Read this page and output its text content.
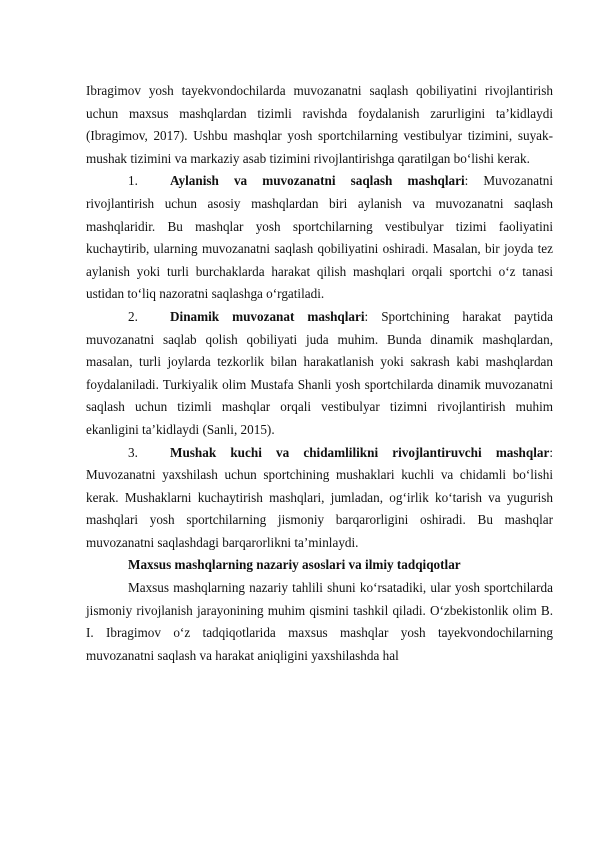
Ibragimov yosh tayekvondochilarda muvozanatni saqlash qobiliyatini rivojlantirish uchun maxsus mashqlardan tizimli ravishda foydalanish zarurligini ta’kidlaydi (Ibragimov, 2017). Ushbu mashqlar yosh sportchilarning vestibulyar tizimini, suyak-mushak tizimini va markaziy asab tizimini rivojlantirishga qaratilgan bo‘lishi kerak.

1. Aylanish va muvozanatni saqlash mashqlari: Muvozanatni rivojlantirish uchun asosiy mashqlardan biri aylanish va muvozanatni saqlash mashqlaridir. Bu mashqlar yosh sportchilarning vestibulyar tizimi faoliyatini kuchaytirib, ularning muvozanatni saqlash qobiliyatini oshiradi. Masalan, bir joyda tez aylanish yoki turli burchaklarda harakat qilish mashqlari orqali sportchi o‘z tanasi ustidan to‘liq nazoratni saqlashga o‘rgatiladi.

2. Dinamik muvozanat mashqlari: Sportchining harakat paytida muvozanatni saqlab qolish qobiliyati juda muhim. Bunda dinamik mashqlardan, masalan, turli joylarda tezkorlik bilan harakatlanish yoki sakrash kabi mashqlardan foydalaniladi. Turkiyalik olim Mustafa Shanli yosh sportchilarda dinamik muvozanatni saqlash uchun tizimli mashqlar orqali vestibulyar tizimni rivojlantirish muhim ekanligini ta’kidlaydi (Sanli, 2015).

3. Mushak kuchi va chidamlilikni rivojlantiruvchi mashqlar: Muvozanatni yaxshilash uchun sportchining mushaklari kuchli va chidamli bo‘lishi kerak. Mushaklarni kuchaytirish mashqlari, jumladan, og‘irlik ko‘tarish va yugurish mashqlari yosh sportchilarning jismoniy barqarorligini oshiradi. Bu mashqlar muvozanatni saqlashdagi barqarorlikni ta’minlaydi.

Maxsus mashqlarning nazariy asoslari va ilmiy tadqiqotlar

Maxsus mashqlarning nazariy tahlili shuni ko‘rsatadiki, ular yosh sportchilarda jismoniy rivojlanish jarayonining muhim qismini tashkil qiladi. O‘zbekistonlik olim B. I. Ibragimov o‘z tadqiqotlarida maxsus mashqlar yosh tayekvondochilarning muvozanatni saqlash va harakat aniqligini yaxshilashda hal
